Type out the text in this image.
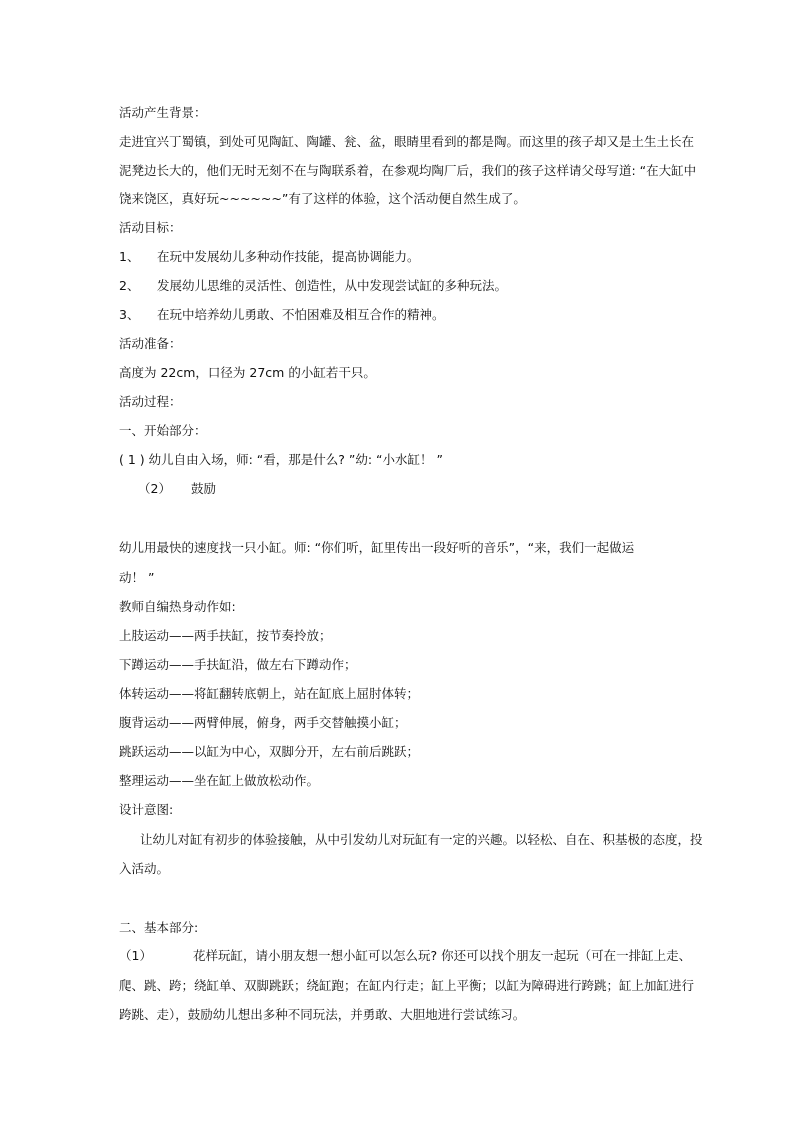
活动产生背景：
走进宜兴丁蜀镇，到处可见陶缸、陶罐、瓮、盆，眼睛里看到的都是陶。而这里的孩子却又是土生土长在
泥凳边长大的，他们无时无刻不在与陶联系着，在参观均陶厂后，我们的孩子这样请父母写道: “在大缸中
饶来饶区，真好玩~~~~~~”有了这样的体验，这个活动便自然生成了。
活动目标：
1、 在玩中发展幼儿多种动作技能，提高协调能力。
2、 发展幼儿思维的灵活性、创造性，从中发现尝试缸的多种玩法。
3、 在玩中培养幼儿勇敢、不怕困难及相互合作的精神。
活动准备：
高度为 22cm，口径为 27cm 的小缸若干只。
活动过程：
一、开始部分：
( 1 ) 幼儿自由入场，师: “看，那是什么? ”幼: “小水缸！ ”
（2） 鼓励
幼儿用最快的速度找一只小缸。师: “你们听，缸里传出一段好听的音乐”，“来，我们一起做运
动！ ”
教师自编热身动作如:
上肢运动——两手扶缸，按节奏拎放；
下蹲运动——手扶缸沿，做左右下蹲动作；
体转运动——将缸翻转底朝上，站在缸底上屈肘体转；
腹背运动——两臂伸展，俯身，两手交替触摸小缸；
跳跃运动——以缸为中心，双脚分开，左右前后跳跃；
整理运动——坐在缸上做放松动作。
设计意图:
让幼儿对缸有初步的体验接触，从中引发幼儿对玩缸有一定的兴趣。以轻松、自在、积基极的态度，投
入活动。
二、基本部分:
（1）	花样玩缸，请小朋友想一想小缸可以怎么玩? 你还可以找个朋友一起玩（可在一排缸上走、
爬、跳、跨；绕缸单、双脚跳跃；绕缸跑；在缸内行走；缸上平衡；以缸为障碍进行跨跳；缸上加缸进行
跨跳、走），鼓励幼儿想出多种不同玩法，并勇敢、大胆地进行尝试练习。
